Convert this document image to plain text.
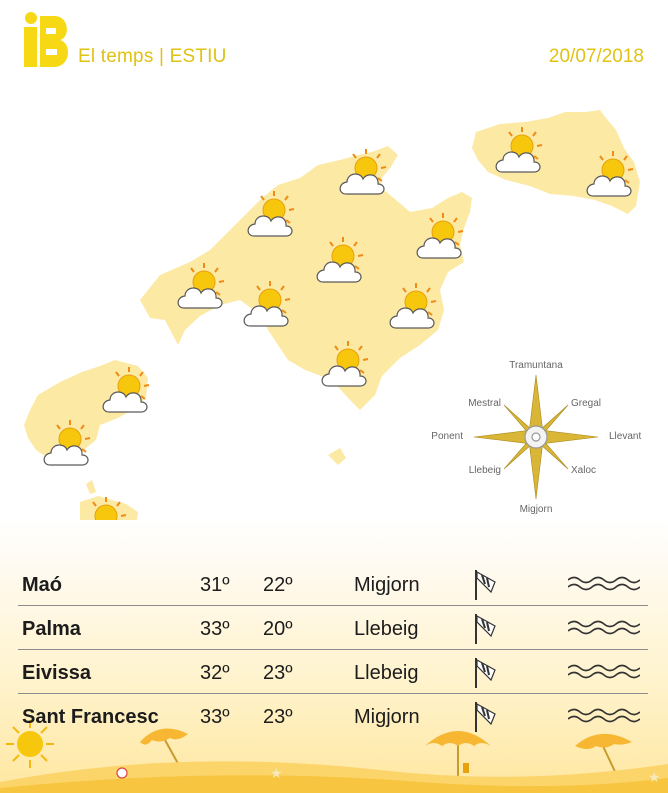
El temps | ESTIU	20/07/2018
Tramuntana
Gregal
Llevant
Xaloc
Migjorn
Llebeig
Ponent
Mestral
★	★
Maó	31º 22º	Migjorn
Palma	33º 20º	Llebeig
Eivissa	32º 23º	Llebeig
Sant Francesc 33º 23º	Migjorn
